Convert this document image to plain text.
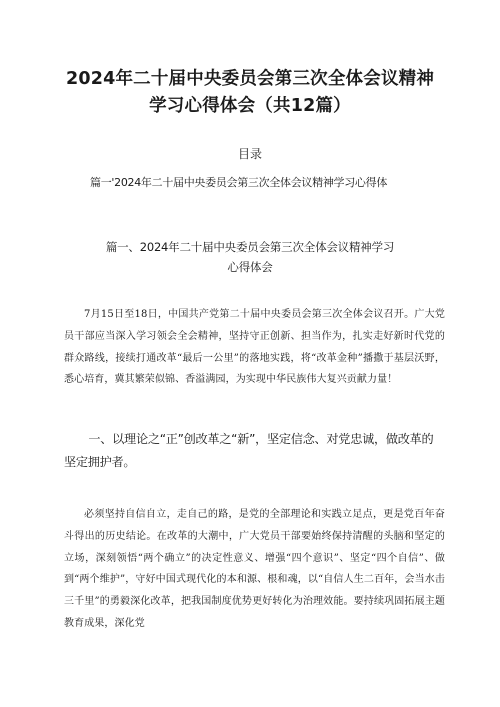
2024年二十届中央委员会第三次全体会议精神
学习心得体会（共12篇）
目录
篇一'2024年二十届中央委员会第三次全体会议精神学习心得体
篇一、2024年二十届中央委员会第三次全体会议精神学习
心得体会

7月15日至18日，中国共产党第二十届中央委员会第三次全体会议召开。广大党员干部应当深入学习领会全会精神，坚持守正创新、担当作为，扎实走好新时代党的群众路线，接续打通改革“最后一公里”的落地实践，将“改革金种”播撒于基层沃野，悉心培育，冀其繁荣似锦、香溢满园，为实现中华民族伟大复兴贡献力量！

一、以理论之“正”创改革之“新”，坚定信念、对党忠诚，做改革的坚定拥护者。

必须坚持自信自立，走自己的路，是党的全部理论和实践立足点，更是党百年奋斗得出的历史结论。在改革的大潮中，广大党员干部要始终保持清醒的头脑和坚定的立场，深刻领悟“两个确立”的决定性意义、增强“四个意识”、坚定“四个自信”、做到“两个维护”，守好中国式现代化的本和源、根和魂，以“自信人生二百年，会当水击三千里”的勇毅深化改革，把我国制度优势更好转化为治理效能。要持续巩固拓展主题教育成果，深化党
